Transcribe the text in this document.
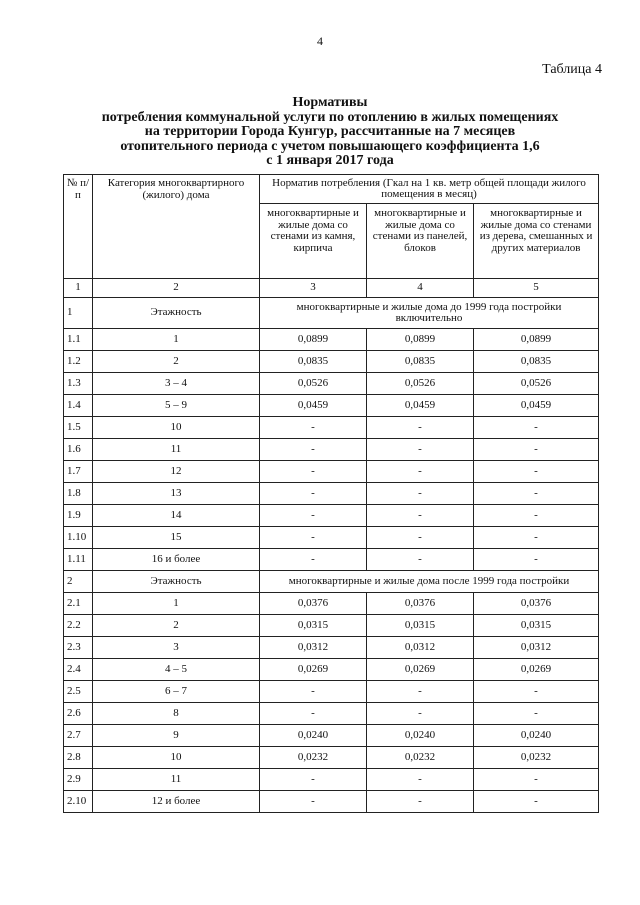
4
Таблица 4
Нормативы
потребления коммунальной услуги по отоплению в жилых помещениях
на территории Города Кунгур, рассчитанные на 7 месяцев
отопительного периода с учетом повышающего коэффициента 1,6
с 1 января 2017 года
№ п/п	Категория многоквартирного (жилого) дома	Норматив потребления (Гкал на 1 кв. метр общей площади жилого помещения в месяц)		
		многоквартирные и жилые дома со стенами из камня, кирпича	многоквартирные и жилые дома со стенами из панелей, блоков	многоквартирные и жилые дома со стенами из дерева, смешанных и других материалов
1	2	3	4	5
1	Этажность	многоквартирные и жилые дома до 1999 года постройки включительно		
1.1	1	0,0899	0,0899	0,0899
1.2	2	0,0835	0,0835	0,0835
1.3	3 – 4	0,0526	0,0526	0,0526
1.4	5 – 9	0,0459	0,0459	0,0459
1.5	10	-	-	-
1.6	11	-	-	-
1.7	12	-	-	-
1.8	13	-	-	-
1.9	14	-	-	-
1.10	15	-	-	-
1.11	16 и более	-	-	-
2	Этажность	многоквартирные и жилые дома после 1999 года постройки		
2.1	1	0,0376	0,0376	0,0376
2.2	2	0,0315	0,0315	0,0315
2.3	3	0,0312	0,0312	0,0312
2.4	4 – 5	0,0269	0,0269	0,0269
2.5	6 – 7	-	-	-
2.6	8	-	-	-
2.7	9	0,0240	0,0240	0,0240
2.8	10	0,0232	0,0232	0,0232
2.9	11	-	-	-
2.10	12 и более	-	-	-
